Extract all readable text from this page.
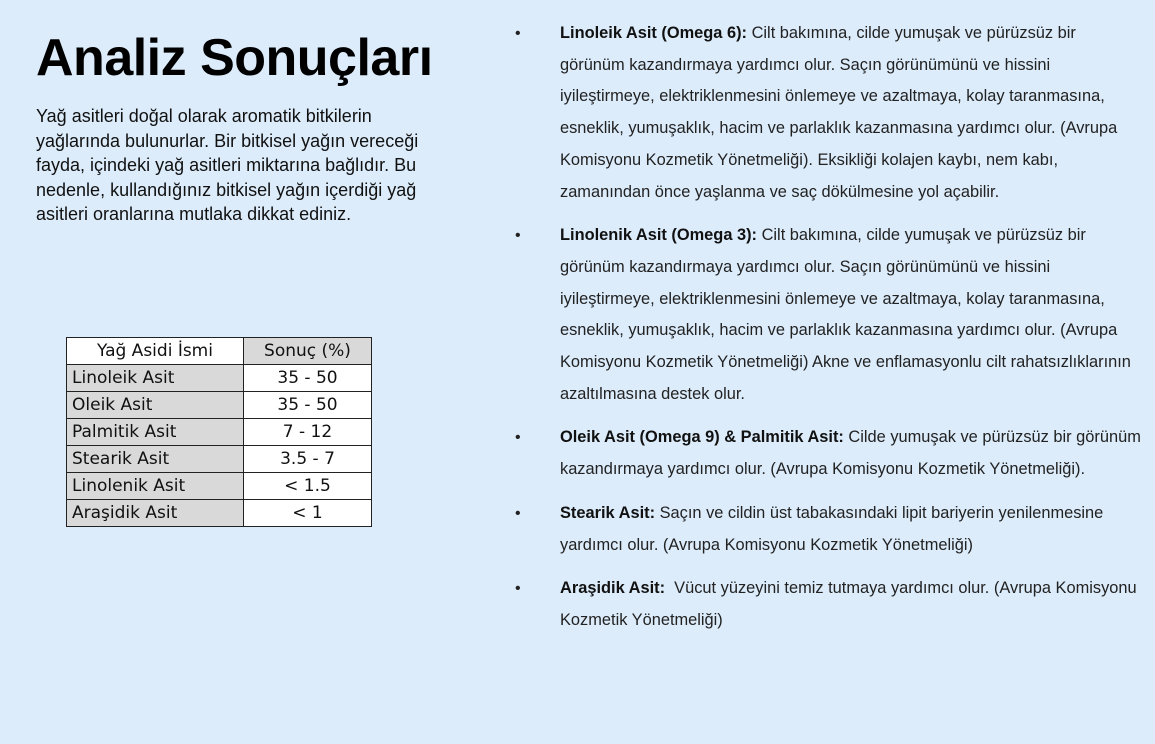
Analiz Sonuçları

Yağ asitleri doğal olarak aromatik bitkilerin yağlarında bulunurlar. Bir bitkisel yağın vereceği fayda, içindeki yağ asitleri miktarına bağlıdır. Bu nedenle, kullandığınız bitkisel yağın içerdiği yağ asitleri oranlarına mutlaka dikkat ediniz.

Yağ Asidi İsmi	Sonuç (%)
Linoleik Asit	35 - 50
Oleik Asit	35 - 50
Palmitik Asit	7 - 12
Stearik Asit	3.5 - 7
Linolenik Asit	< 1.5
Araşidik Asit	< 1
• Linoleik Asit (Omega 6): Cilt bakımına, cilde yumuşak ve pürüzsüz bir görünüm kazandırmaya yardımcı olur. Saçın görünümünü ve hissini iyileştirmeye, elektriklenmesini önlemeye ve azaltmaya, kolay taranmasına, esneklik, yumuşaklık, hacim ve parlaklık kazanmasına yardımcı olur. (Avrupa Komisyonu Kozmetik Yönetmeliği). Eksikliği kolajen kaybı, nem kabı, zamanından önce yaşlanma ve saç dökülmesine yol açabilir.
• Linolenik Asit (Omega 3): Cilt bakımına, cilde yumuşak ve pürüzsüz bir görünüm kazandırmaya yardımcı olur. Saçın görünümünü ve hissini iyileştirmeye, elektriklenmesini önlemeye ve azaltmaya, kolay taranmasına, esneklik, yumuşaklık, hacim ve parlaklık kazanmasına yardımcı olur. (Avrupa Komisyonu Kozmetik Yönetmeliği) Akne ve enflamasyonlu cilt rahatsızlıklarının azaltılmasına destek olur.
• Oleik Asit (Omega 9) & Palmitik Asit: Cilde yumuşak ve pürüzsüz bir görünüm kazandırmaya yardımcı olur. (Avrupa Komisyonu Kozmetik Yönetmeliği).
• Stearik Asit: Saçın ve cildin üst tabakasındaki lipit bariyerin yenilenmesine yardımcı olur. (Avrupa Komisyonu Kozmetik Yönetmeliği)
• Araşidik Asit:  Vücut yüzeyini temiz tutmaya yardımcı olur. (Avrupa Komisyonu Kozmetik Yönetmeliği)
